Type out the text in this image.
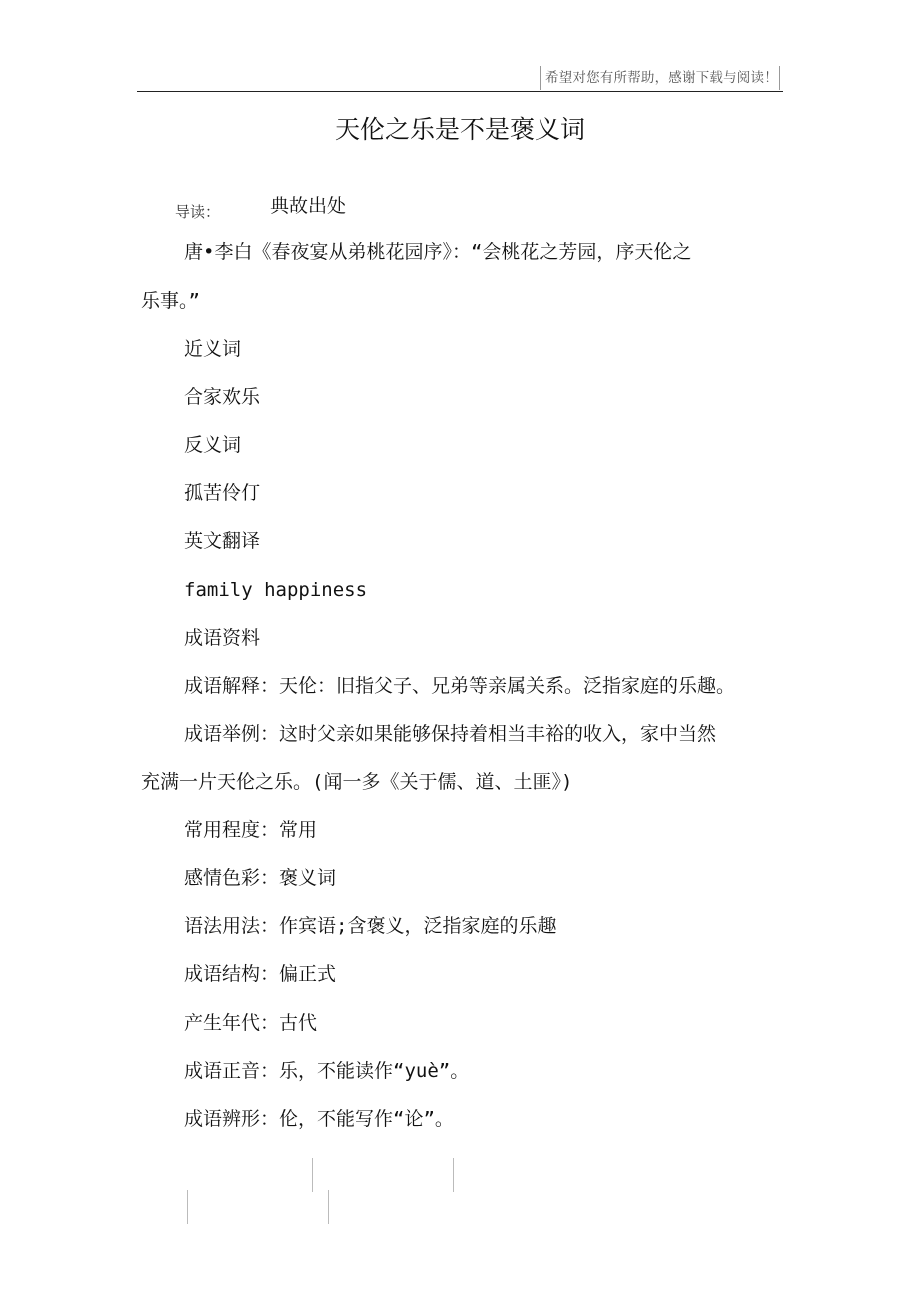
希望对您有所帮助，感谢下载与阅读！
天伦之乐是不是褒义词
导读：	典故出处
唐•李白《春夜宴从弟桃花园序》：“会桃花之芳园，序天伦之
乐事。”
近义词
合家欢乐
反义词
孤苦伶仃
英文翻译
family happiness
成语资料
成语解释：天伦：旧指父子、兄弟等亲属关系。泛指家庭的乐趣。
成语举例：这时父亲如果能够保持着相当丰裕的收入，家中当然
充满一片天伦之乐。(闻一多《关于儒、道、土匪》)
常用程度：常用
感情色彩：褒义词
语法用法：作宾语;含褒义，泛指家庭的乐趣
成语结构：偏正式
产生年代：古代
成语正音：乐，不能读作“yuè”。
成语辨形：伦，不能写作“论”。
